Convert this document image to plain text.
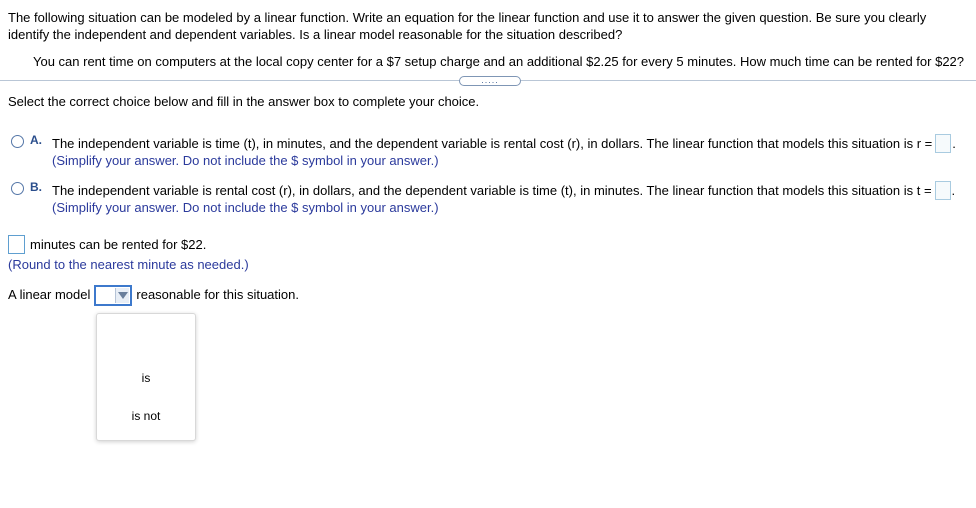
The following situation can be modeled by a linear function. Write an equation for the linear function and use it to answer the given question. Be sure you clearly identify the independent and dependent variables. Is a linear model reasonable for the situation described?
You can rent time on computers at the local copy center for a $7 setup charge and an additional $2.25 for every 5 minutes. How much time can be rented for $22?
.....
Select the correct choice below and fill in the answer box to complete your choice.
A. The independent variable is time (t), in minutes, and the dependent variable is rental cost (r), in dollars. The linear function that models this situation is r = .
(Simplify your answer. Do not include the $ symbol in your answer.)
B. The independent variable is rental cost (r), in dollars, and the dependent variable is time (t), in minutes. The linear function that models this situation is t = .
(Simplify your answer. Do not include the $ symbol in your answer.)
minutes can be rented for $22.
(Round to the nearest minute as needed.)
A linear model	reasonable for this situation.
is
is not
